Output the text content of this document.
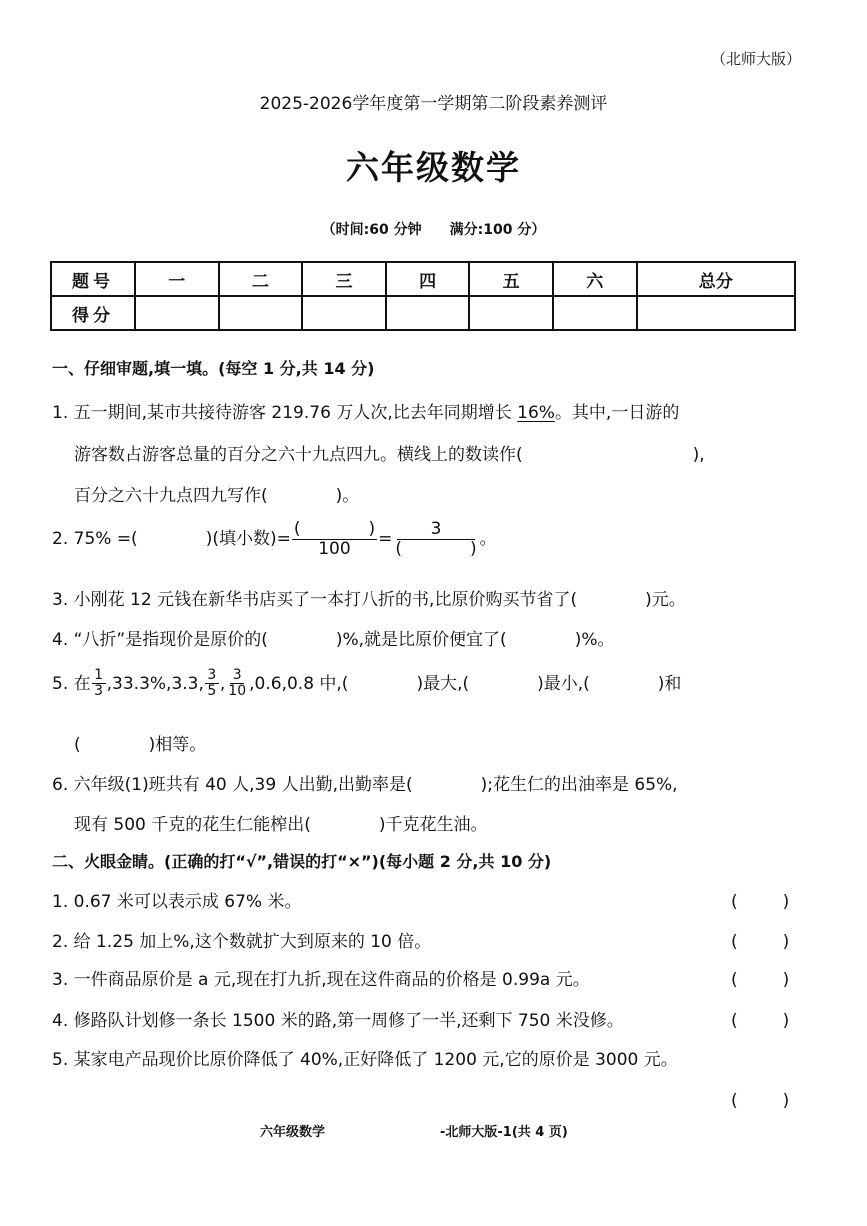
（北师大版）
2025-2026学年度第一学期第二阶段素养测评
六年级数学
（时间:60 分钟　　满分:100 分）
题号	一	二	三	四	五	六	总分
得分							
一、仔细审题,填一填。(每空 1 分,共 14 分)
1. 五一期间,某市共接待游客 219.76 万人次,比去年同期增长 16%。其中,一日游的
游客数占游客总量的百分之六十九点四九。横线上的数读作(　　　　　　　　　　),
百分之六十九点四九写作(　　　　)。
2. 75% =(　　　　)(填小数)= $\frac{( )}{100} = \frac{3}{( )}$ 。
3. 小刚花 12 元钱在新华书店买了一本打八折的书,比原价购买节省了(　　　　)元。
4. “八折”是指现价是原价的(　　　　)%,就是比原价便宜了(　　　　)%。
5. 在 $\frac{1}{3} ,33.3\%,3.3$, $\frac{3}{5}$ , $\frac{3}{10} ,0.6,0.8$ 中,(　　　　)最大,(　　　　)最小,(　　　　)和
(　　　　)相等。
6. 六年级(1)班共有 40 人,39 人出勤,出勤率是(　　　　);花生仁的出油率是 65%,
现有 500 千克的花生仁能榨出(　　　　)千克花生油。
二、火眼金睛。(正确的打“√”,错误的打“×”)(每小题 2 分,共 10 分)
1. 0.67 米可以表示成 67% 米。	(　)
2. 给 1.25 加上%,这个数就扩大到原来的 10 倍。	(　)
3. 一件商品原价是 a 元,现在打九折,现在这件商品的价格是 0.99a 元。	(　)
4. 修路队计划修一条长 1500 米的路,第一周修了一半,还剩下 750 米没修。	(　)
5. 某家电产品现价比原价降低了 40%,正好降低了 1200 元,它的原价是 3000 元。
(　)
六年级数学	-北师大版-1(共 4 页)
